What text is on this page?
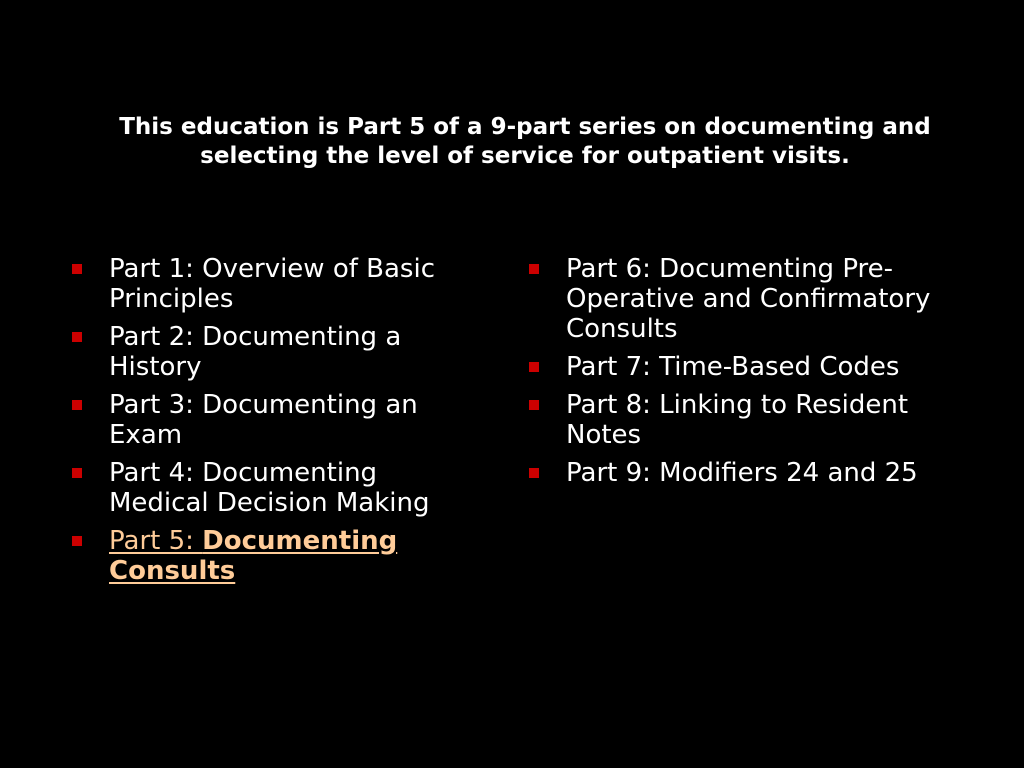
This education is Part 5 of a 9-part series on documenting and
selecting the level of service for outpatient visits.
Part 1: Overview of Basic
Principles
Part 2: Documenting a
History
Part 3: Documenting an
Exam
Part 4: Documenting
Medical Decision Making
Part 5: Documenting
Consults
Part 6: Documenting Pre-
Operative and Confirmatory
Consults
Part 7: Time-Based Codes
Part 8: Linking to Resident
Notes
Part 9: Modifiers 24 and 25
